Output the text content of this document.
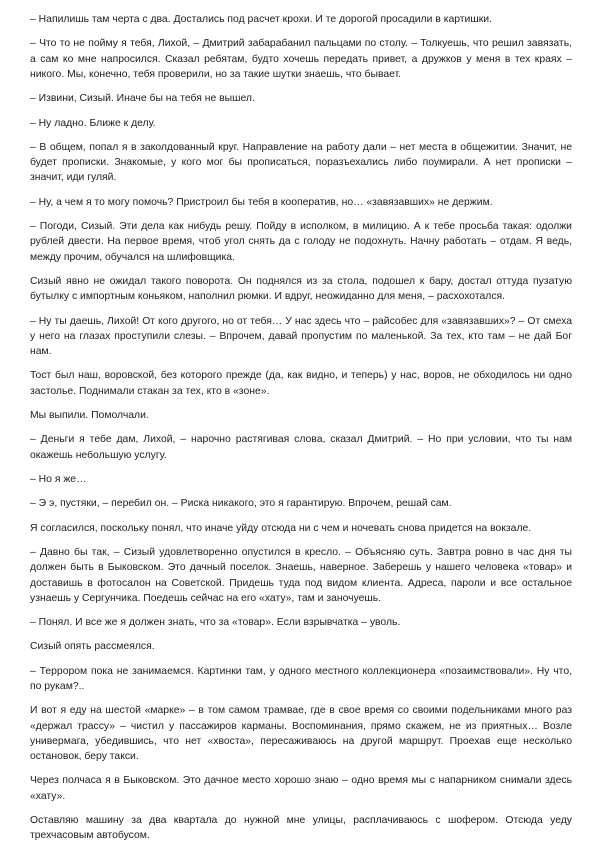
– Напилишь там черта с два. Достались под расчет крохи. И те дорогой просадили в картишки.

– Что то не пойму я тебя, Лихой, – Дмитрий забарабанил пальцами по столу. – Толкуешь, что решил завязать, а сам ко мне напросился. Сказал ребятам, будто хочешь передать привет, а дружков у меня в тех краях – никого. Мы, конечно, тебя проверили, но за такие шутки знаешь, что бывает.

– Извини, Сизый. Иначе бы на тебя не вышел.

– Ну ладно. Ближе к делу.

– В общем, попал я в заколдованный круг. Направление на работу дали – нет места в общежитии. Значит, не будет прописки. Знакомые, у кого мог бы прописаться, поразъехались либо поумирали. А нет прописки – значит, иди гуляй.

– Ну, а чем я то могу помочь? Пристроил бы тебя в кооператив, но… «завязавших» не держим.

– Погоди, Сизый. Эти дела как нибудь решу. Пойду в исполком, в милицию. А к тебе просьба такая: одолжи рублей двести. На первое время, чтоб угол снять да с голоду не подохнуть. Начну работать – отдам. Я ведь, между прочим, обучался на шлифовщика.

Сизый явно не ожидал такого поворота. Он поднялся из за стола, подошел к бару, достал оттуда пузатую бутылку с импортным коньяком, наполнил рюмки. И вдруг, неожиданно для меня, – расхохотался.

– Ну ты даешь, Лихой! От кого другого, но от тебя… У нас здесь что – райсобес для «завязавших»? – От смеха у него на глазах проступили слезы. – Впрочем, давай пропустим по маленькой. За тех, кто там – не дай Бог нам.

Тост был наш, воровской, без которого прежде (да, как видно, и теперь) у нас, воров, не обходилось ни одно застолье. Поднимали стакан за тех, кто в «зоне».

Мы выпили. Помолчали.

– Деньги я тебе дам, Лихой, – нарочно растягивая слова, сказал Дмитрий. – Но при условии, что ты нам окажешь небольшую услугу.

– Но я же…

– Э э, пустяки, – перебил он. – Риска никакого, это я гарантирую. Впрочем, решай сам.

Я согласился, поскольку понял, что иначе уйду отсюда ни с чем и ночевать снова придется на вокзале.

– Давно бы так, – Сизый удовлетворенно опустился в кресло. – Объясняю суть. Завтра ровно в час дня ты должен быть в Быковском. Это дачный поселок. Знаешь, наверное. Заберешь у нашего человека «товар» и доставишь в фотосалон на Советской. Придешь туда под видом клиента. Адреса, пароли и все остальное узнаешь у Сергунчика. Поедешь сейчас на его «хату», там и заночуешь.

– Понял. И все же я должен знать, что за «товар». Если взрывчатка – уволь.

Сизый опять рассмеялся.

– Террором пока не занимаемся. Картинки там, у одного местного коллекционера «позаимствовали». Ну что, по рукам?..

И вот я еду на шестой «марке» – в том самом трамвае, где в свое время со своими подельниками много раз «держал трассу» – чистил у пассажиров карманы. Воспоминания, прямо скажем, не из приятных… Возле универмага, убедившись, что нет «хвоста», пересаживаюсь на другой маршрут. Проехав еще несколько остановок, беру такси.

Через полчаса я в Быковском. Это дачное место хорошо знаю – одно время мы с напарником снимали здесь «хату».

Оставляю машину за два квартала до нужной мне улицы, расплачиваюсь с шофером. Отсюда уеду трехчасовым автобусом.
